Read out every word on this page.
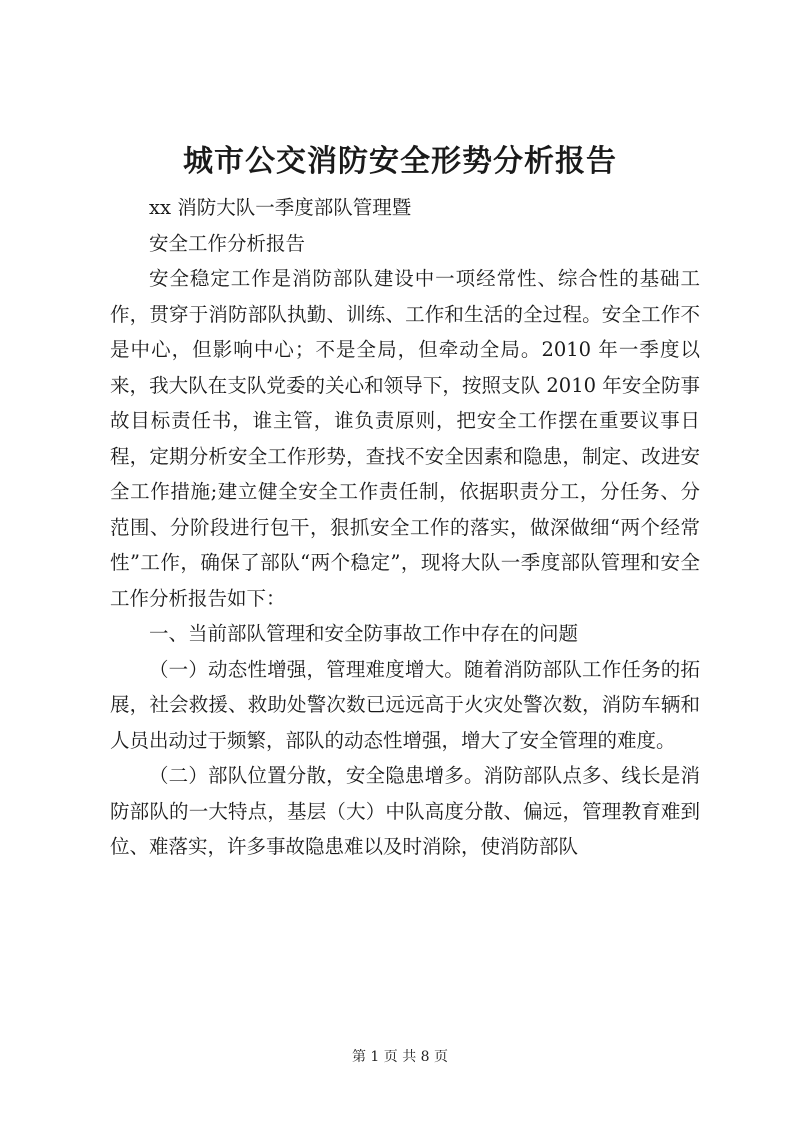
城市公交消防安全形势分析报告

xx 消防大队一季度部队管理暨

安全工作分析报告

安全稳定工作是消防部队建设中一项经常性、综合性的基础工作，贯穿于消防部队执勤、训练、工作和生活的全过程。安全工作不是中心，但影响中心；不是全局，但牵动全局。2010 年一季度以来，我大队在支队党委的关心和领导下，按照支队 2010 年安全防事故目标责任书，谁主管，谁负责原则，把安全工作摆在重要议事日程，定期分析安全工作形势，查找不安全因素和隐患，制定、改进安全工作措施;建立健全安全工作责任制，依据职责分工，分任务、分范围、分阶段进行包干，狠抓安全工作的落实，做深做细“两个经常性”工作，确保了部队“两个稳定”，现将大队一季度部队管理和安全工作分析报告如下：

一、当前部队管理和安全防事故工作中存在的问题

（一）动态性增强，管理难度增大。随着消防部队工作任务的拓展，社会救援、救助处警次数已远远高于火灾处警次数，消防车辆和人员出动过于频繁，部队的动态性增强，增大了安全管理的难度。

（二）部队位置分散，安全隐患增多。消防部队点多、线长是消防部队的一大特点，基层（大）中队高度分散、偏远，管理教育难到位、难落实，许多事故隐患难以及时消除，使消防部队

第 1 页 共 8 页
